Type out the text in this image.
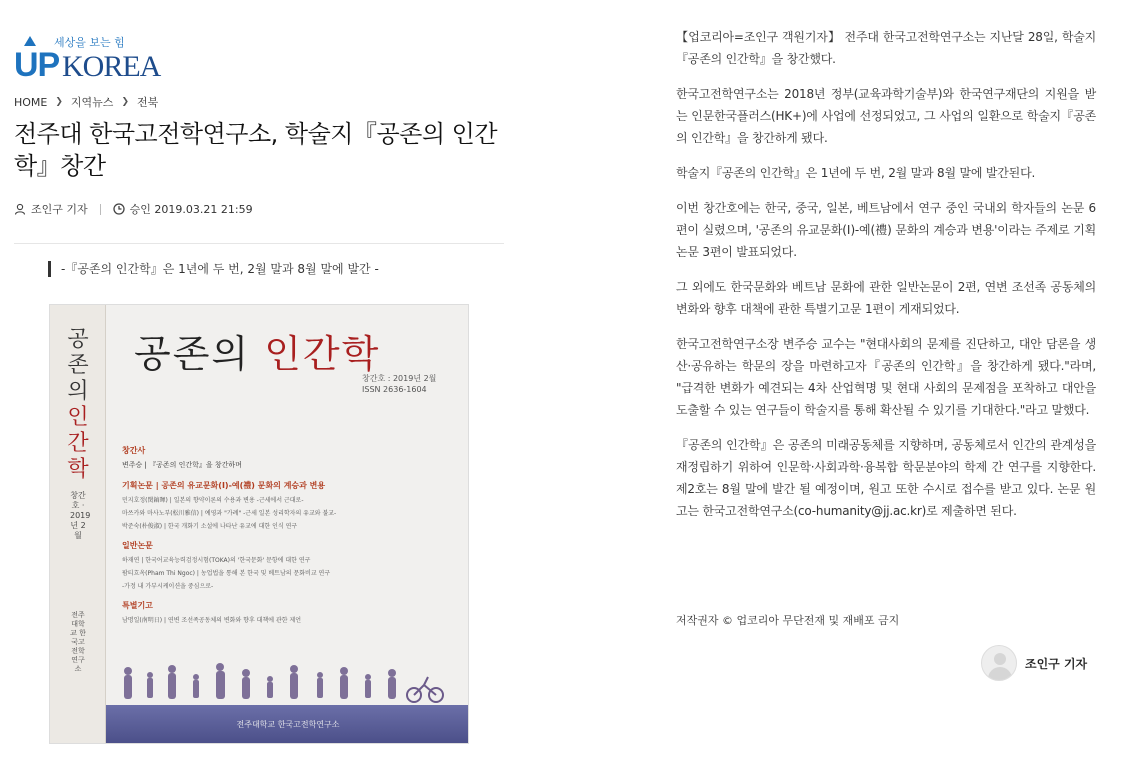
세상을 보는 힘
UP KOREA
HOME ❯ 지역뉴스 ❯ 전북
전주대 한국고전학연구소, 학술지『공존의 인간학』창간
조인구 기자	승인 2019.03.21 21:59
-『공존의 인간학』은 1년에 두 번, 2월 말과 8월 말에 발간 -
공존의
인간학
창간호 · 2019년 2월
전주대학교 한국고전학연구소
공존의 인간학
창간호 : 2019년 2월
ISSN 2636-1604
창간사
변주승 | 『공존의 인간학』을 창간하며
기획논문 | 공존의 유교문화(Ⅰ)-예(禮) 문화의 계승과 변용
민지호정(閔鎬暉) | 일본의 향약이론의 수용과 변용 -근세에서 근대로-
마쓰카와 마사노부(松川雅信) | 예영과 "가례" -근세 일본 성리학자의 유교와 불교-
박준숙(朴俊淑) | 한국 개화기 소설에 나타난 유교에 대한 인식 연구
일반논문
하재연 | 한국어교육능력검정시험(TOKA)의 '한국문화' 문항에 대한 연구
팜티흐옥(Pham Thi Ngoc) | 농업법을 통해 본 한국 및 베트남의 문화비교 연구
-가정 내 가부시케이션을 중심으로-
특별기고
남명일(南明日) | 연변 조선족공동체의 변화와 향후 대책에 관한 제언
전주대학교 한국고전학연구소

【업코리아=조인구 객원기자】 전주대 한국고전학연구소는 지난달 28일, 학술지『공존의 인간학』을 창간했다.

한국고전학연구소는 2018년 정부(교육과학기술부)와 한국연구재단의 지원을 받는 인문한국플러스(HK+)에 사업에 선정되었고, 그 사업의 일환으로 학술지『공존의 인간학』을 창간하게 됐다.

학술지『공존의 인간학』은 1년에 두 번, 2월 말과 8월 말에 발간된다.

이번 창간호에는 한국, 중국, 일본, 베트남에서 연구 중인 국내외 학자들의 논문 6편이 실렸으며, '공존의 유교문화(Ⅰ)-예(禮) 문화의 계승과 변용'이라는 주제로 기획논문 3편이 발표되었다.

그 외에도 한국문화와 베트남 문화에 관한 일반논문이 2편, 연변 조선족 공동체의 변화와 향후 대책에 관한 특별기고문 1편이 게재되었다.

한국고전학연구소장 변주승 교수는 "현대사회의 문제를 진단하고, 대안 담론을 생산·공유하는 학문의 장을 마련하고자『공존의 인간학』을 창간하게 됐다."라며, "급격한 변화가 예견되는 4차 산업혁명 및 현대 사회의 문제점을 포착하고 대안을 도출할 수 있는 연구들이 학술지를 통해 확산될 수 있기를 기대한다."라고 말했다.

『공존의 인간학』은 공존의 미래공동체를 지향하며, 공동체로서 인간의 관계성을 재정립하기 위하여 인문학·사회과학·융복합 학문분야의 학제 간 연구를 지향한다. 제2호는 8월 말에 발간 될 예정이며, 원고 또한 수시로 접수를 받고 있다. 논문 원고는 한국고전학연구소(co-humanity@jj.ac.kr)로 제출하면 된다.

저작권자 © 업코리아 무단전재 및 재배포 금지
조인구 기자
